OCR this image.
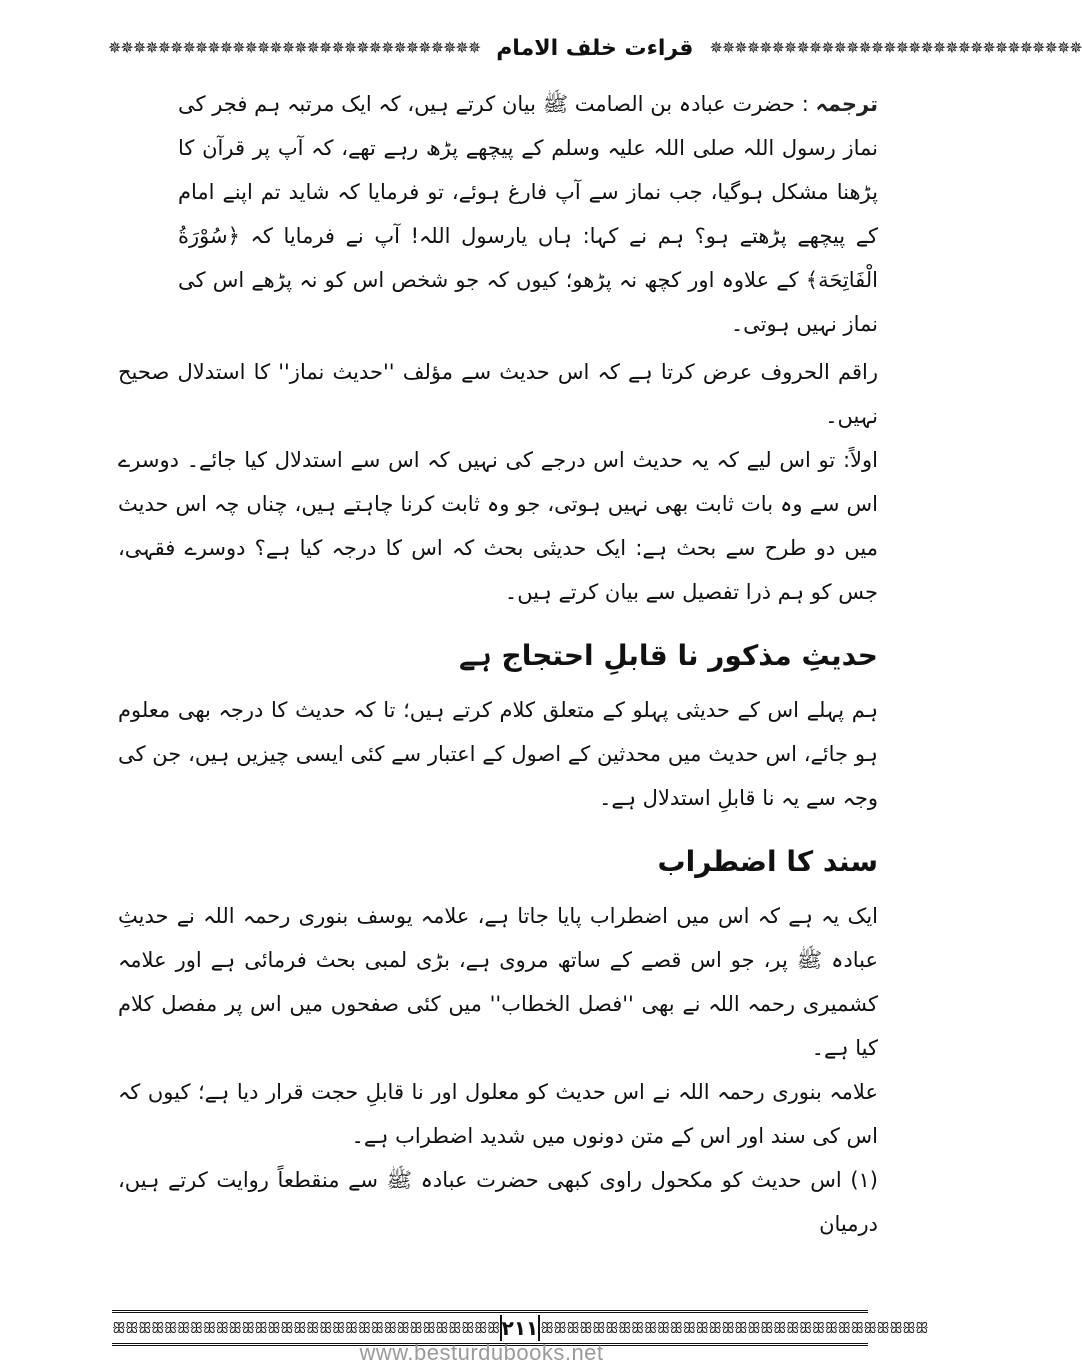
✵✵✵✵✵✵✵✵✵✵✵✵✵✵✵✵✵✵✵✵✵✵✵✵✵✵✵✵✵✵ قراءت خلف الامام	✵✵✵✵✵✵✵✵✵✵✵✵✵✵✵✵✵✵✵✵✵✵✵✵✵✵✵✵✵✵

ترجمہ : حضرت عبادہ بن الصامت ﷺ بیان کرتے ہیں، کہ ایک مرتبہ ہم فجر کی نماز رسول اللہ صلی اللہ علیہ وسلم کے پیچھے پڑھ رہے تھے، کہ آپ پر قرآن کا پڑھنا مشکل ہوگیا، جب نماز سے آپ فارغ ہوئے، تو فرمایا کہ شاید تم اپنے امام کے پیچھے پڑھتے ہو؟ ہم نے کہا: ہاں یارسول اللہ! آپ نے فرمایا کہ ﴿سُوْرَةُ الْفَاتِحَة﴾ کے علاوہ اور کچھ نہ پڑھو؛ کیوں کہ جو شخص اس کو نہ پڑھے اس کی نماز نہیں ہوتی۔

راقم الحروف عرض کرتا ہے کہ اس حدیث سے مؤلف ''حدیث نماز'' کا استدلال صحیح نہیں۔

اولاً: تو اس لیے کہ یہ حدیث اس درجے کی نہیں کہ اس سے استدلال کیا جائے۔ دوسرے اس سے وہ بات ثابت بھی نہیں ہوتی، جو وہ ثابت کرنا چاہتے ہیں، چناں چہ اس حدیث میں دو طرح سے بحث ہے: ایک حدیثی بحث کہ اس کا درجہ کیا ہے؟ دوسرے فقہی، جس کو ہم ذرا تفصیل سے بیان کرتے ہیں۔

حدیثِ مذکور نا قابلِ احتجاج ہے

ہم پہلے اس کے حدیثی پہلو کے متعلق کلام کرتے ہیں؛ تا کہ حدیث کا درجہ بھی معلوم ہو جائے، اس حدیث میں محدثین کے اصول کے اعتبار سے کئی ایسی چیزیں ہیں، جن کی وجہ سے یہ نا قابلِ استدلال ہے۔

سند کا اضطراب

ایک یہ ہے کہ اس میں اضطراب پایا جاتا ہے، علامہ یوسف بنوری رحمہ اللہ نے حدیثِ عبادہ ﷺ پر، جو اس قصے کے ساتھ مروی ہے، بڑی لمبی بحث فرمائی ہے اور علامہ کشمیری رحمہ اللہ نے بھی ''فصل الخطاب'' میں کئی صفحوں میں اس پر مفصل کلام کیا ہے۔

علامہ بنوری رحمہ اللہ نے اس حدیث کو معلول اور نا قابلِ حجت قرار دیا ہے؛ کیوں کہ اس کی سند اور اس کے متن دونوں میں شدید اضطراب ہے۔

(۱) اس حدیث کو مکحول راوی کبھی حضرت عبادہ ﷺ سے منقطعاً روایت کرتے ہیں، درمیان

ꕥꕥꕥꕥꕥꕥꕥꕥꕥꕥꕥꕥꕥꕥꕥꕥꕥꕥꕥꕥꕥꕥꕥꕥꕥꕥꕥꕥꕥꕥ ۲۱۱ ꕥꕥꕥꕥꕥꕥꕥꕥꕥꕥꕥꕥꕥꕥꕥꕥꕥꕥꕥꕥꕥꕥꕥꕥꕥꕥꕥꕥꕥꕥ
www.besturdubooks.net
